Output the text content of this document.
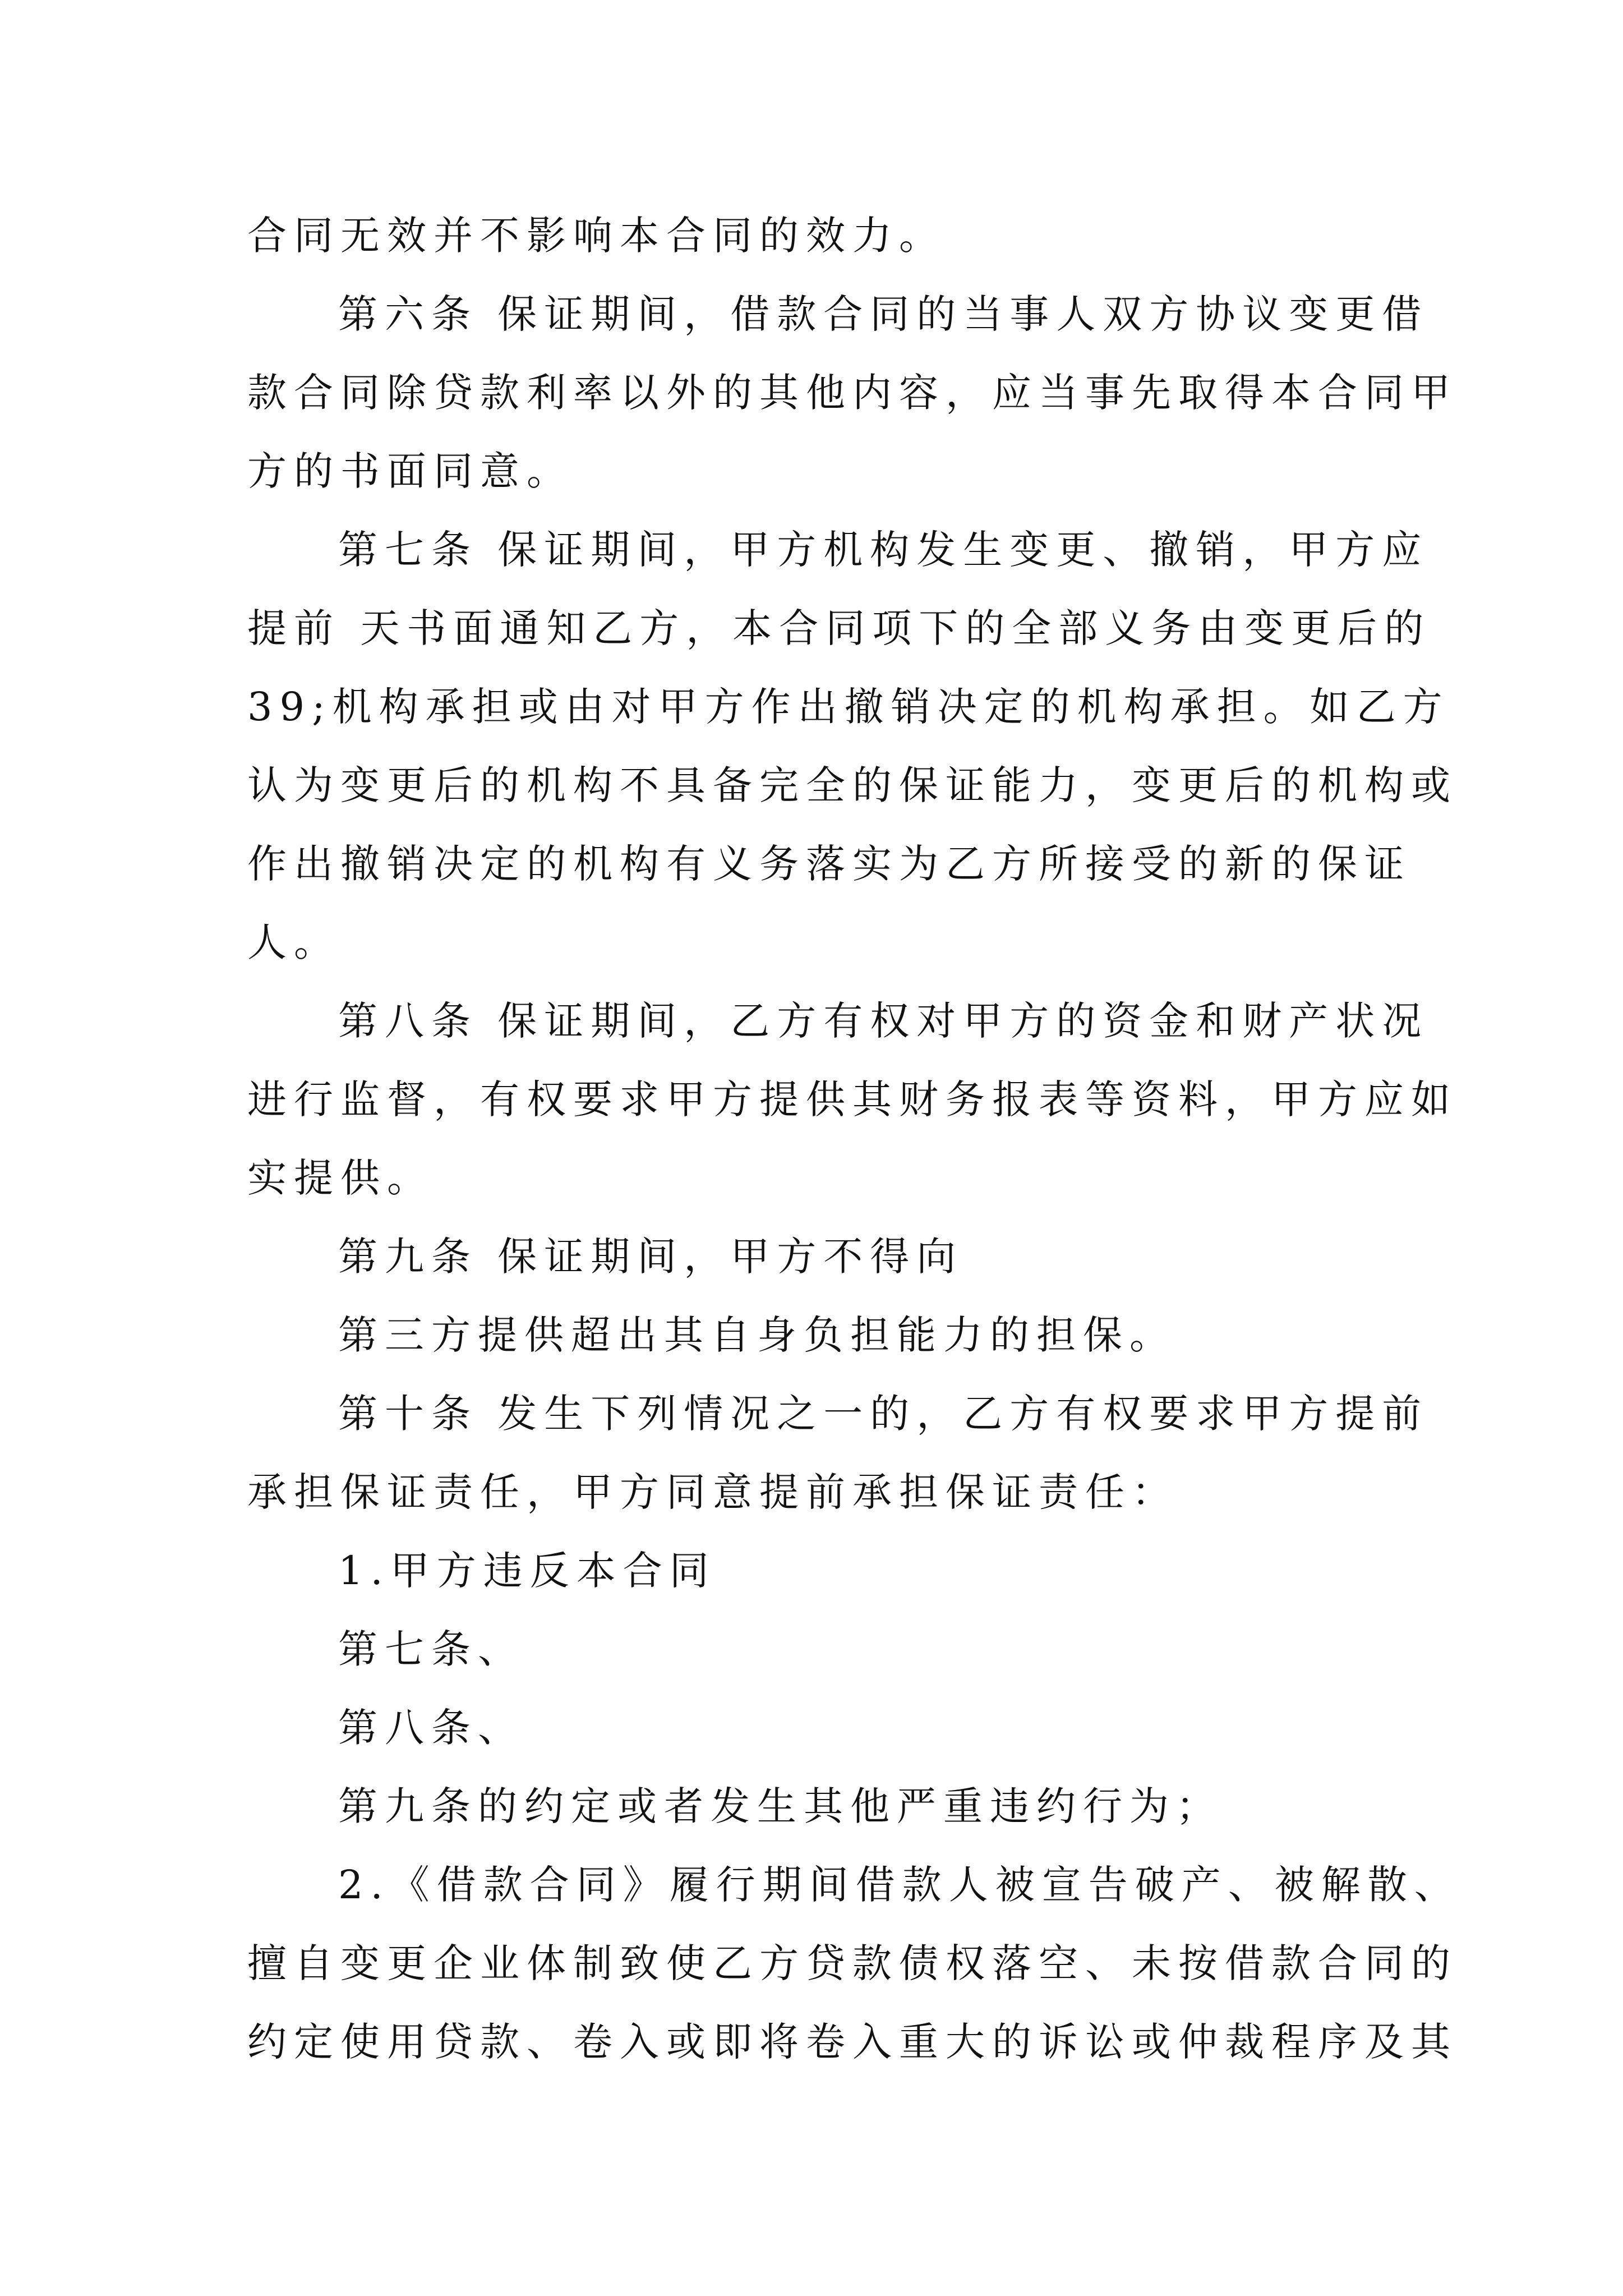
合同无效并不影响本合同的效力。
第六条 保证期间，借款合同的当事人双方协议变更借
款合同除贷款利率以外的其他内容，应当事先取得本合同甲
方的书面同意。
第七条 保证期间，甲方机构发生变更、撤销，甲方应
提前 天书面通知乙方，本合同项下的全部义务由变更后的
39;机构承担或由对甲方作出撤销决定的机构承担。如乙方
认为变更后的机构不具备完全的保证能力，变更后的机构或
作出撤销决定的机构有义务落实为乙方所接受的新的保证
人。
第八条 保证期间，乙方有权对甲方的资金和财产状况
进行监督，有权要求甲方提供其财务报表等资料，甲方应如
实提供。
第九条 保证期间，甲方不得向
第三方提供超出其自身负担能力的担保。
第十条 发生下列情况之一的，乙方有权要求甲方提前
承担保证责任，甲方同意提前承担保证责任：
1.甲方违反本合同
第七条、
第八条、
第九条的约定或者发生其他严重违约行为；
2.《借款合同》履行期间借款人被宣告破产、被解散、
擅自变更企业体制致使乙方贷款债权落空、未按借款合同的
约定使用贷款、卷入或即将卷入重大的诉讼或仲裁程序及其
